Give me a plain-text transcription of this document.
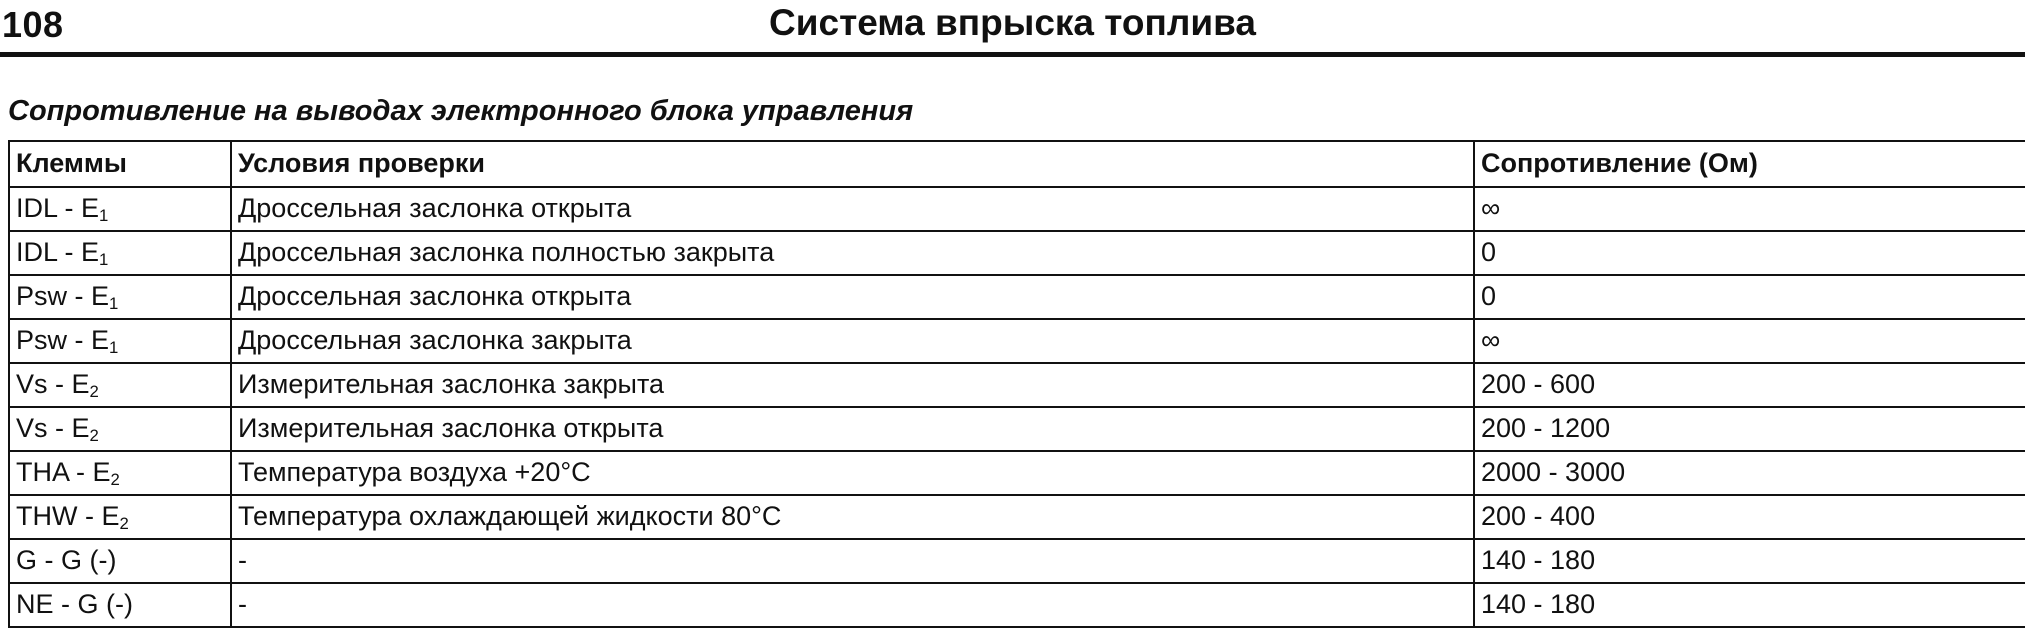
108	Система впрыска топлива
Сопротивление на выводах электронного блока управления
Клеммы	Условия проверки	Сопротивление (Ом)
IDL - $E_1$	Дроссельная заслонка открыта	∞
IDL - $E_1$	Дроссельная заслонка полностью закрыта	0
Psw - $E_1$	Дроссельная заслонка открыта	0
Psw - $E_1$	Дроссельная заслонка закрыта	∞
Vs - $E_2$	Измерительная заслонка закрыта	200 - 600
Vs - $E_2$	Измерительная заслонка открыта	200 - 1200
THA - $E_2$	Температура воздуха +20°С	2000 - 3000
THW - $E_2$	Температура охлаждающей жидкости 80°С	200 - 400
G - G (-)	-	140 - 180
NE - G (-)	-	140 - 180
